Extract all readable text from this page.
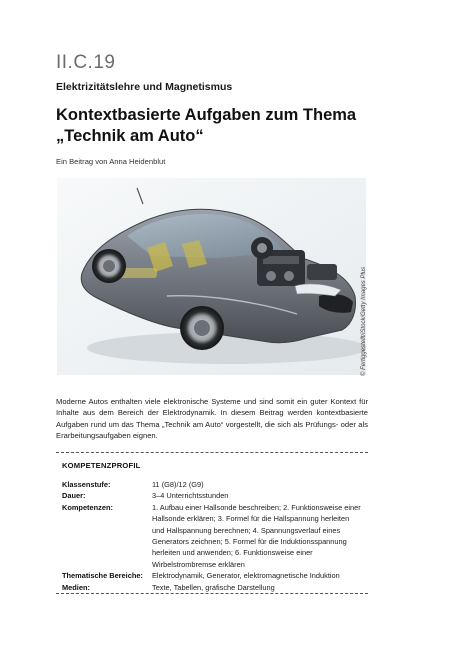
II.C.19
Elektrizitätslehre und Magnetismus
Kontextbasierte Aufgaben zum Thema „Technik am Auto“
Ein Beitrag von Anna Heidenblut
© Fertiggestellt/iStock/Getty Images Plus

Moderne Autos enthalten viele elektronische Systeme und sind somit ein guter Kontext für Inhalte aus dem Bereich der Elektrodynamik. In diesem Beitrag werden kontextbasierte Aufgaben rund um das Thema „Technik am Auto“ vorgestellt, die sich als Prüfungs- oder als Erarbeitungsaufgaben eignen.

KOMPETENZPROFIL
Klassenstufe:	11 (G8)/12 (G9)
Dauer:	3–4 Unterrichtsstunden
Kompetenzen:	1. Aufbau einer Hallsonde beschreiben; 2. Funktionsweise einer Hallsonde erklären; 3. Formel für die Hallspannung herleiten und Hallspannung berechnen; 4. Spannungsverlauf eines Generators zeichnen; 5. Formel für die Induktionsspannung herleiten und anwenden; 6. Funktionsweise einer Wirbelstrombremse erklären
Thematische Bereiche:	Elektrodynamik, Generator, elektromagnetische Induktion
Medien:	Texte, Tabellen, grafische Darstellung
